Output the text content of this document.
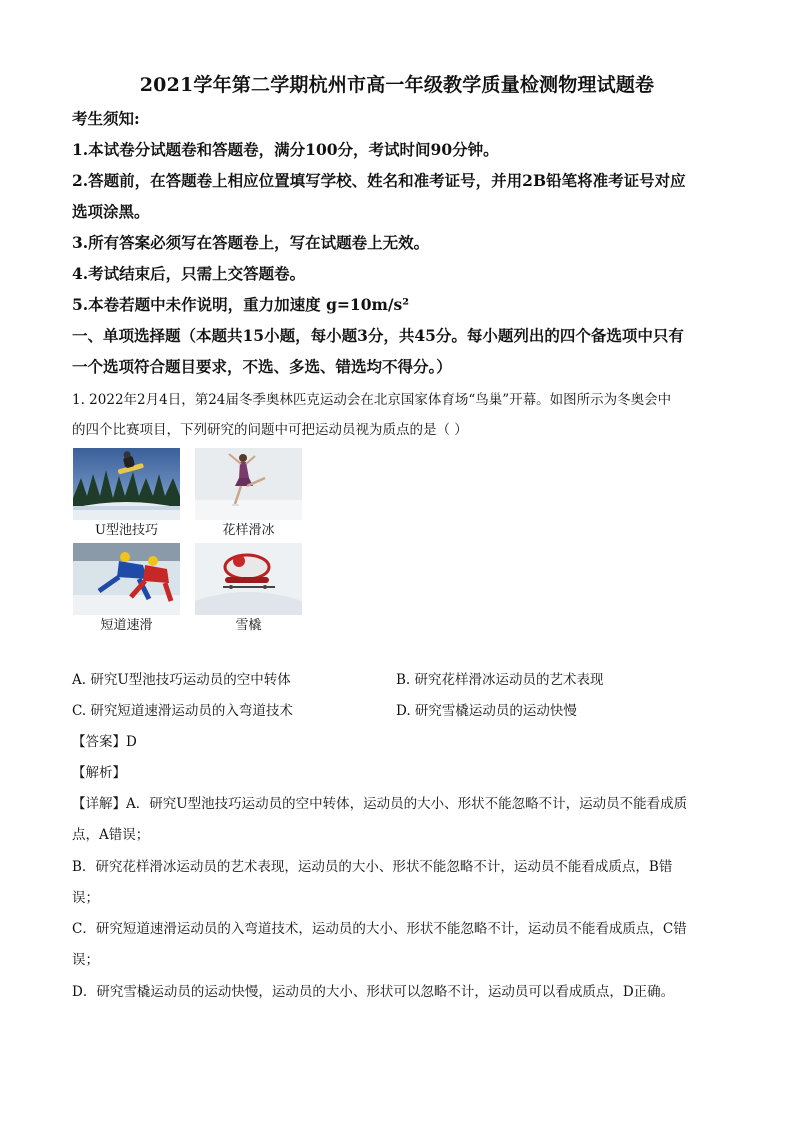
2021学年第二学期杭州市高一年级教学质量检测物理试题卷
考生须知:
1.本试卷分试题卷和答题卷，满分100分，考试时间90分钟。
2.答题前，在答题卷上相应位置填写学校、姓名和准考证号，并用2B铅笔将准考证号对应
选项涂黑。
3.所有答案必须写在答题卷上，写在试题卷上无效。
4.考试结束后，只需上交答题卷。
5.本卷若题中未作说明，重力加速度 g=10m/s²
一、单项选择题（本题共15小题，每小题3分，共45分。每小题列出的四个备选项中只有
一个选项符合题目要求，不选、多选、错选均不得分。）
1. 2022年2月4日，第24届冬季奥林匹克运动会在北京国家体育场“鸟巢”开幕。如图所示为冬奥会中
的四个比赛项目，下列研究的问题中可把运动员视为质点的是（ ）
U型池技巧	花样滑冰
短道速滑	雪橇
A. 研究U型池技巧运动员的空中转体	B. 研究花样滑冰运动员的艺术表现
C. 研究短道速滑运动员的入弯道技术	D. 研究雪橇运动员的运动快慢
【答案】D
【解析】
【详解】A．研究U型池技巧运动员的空中转体，运动员的大小、形状不能忽略不计，运动员不能看成质
点，A错误；
B．研究花样滑冰运动员的艺术表现，运动员的大小、形状不能忽略不计，运动员不能看成质点，B错
误；
C．研究短道速滑运动员的入弯道技术，运动员的大小、形状不能忽略不计，运动员不能看成质点，C错
误；
D．研究雪橇运动员的运动快慢，运动员的大小、形状可以忽略不计，运动员可以看成质点，D正确。
